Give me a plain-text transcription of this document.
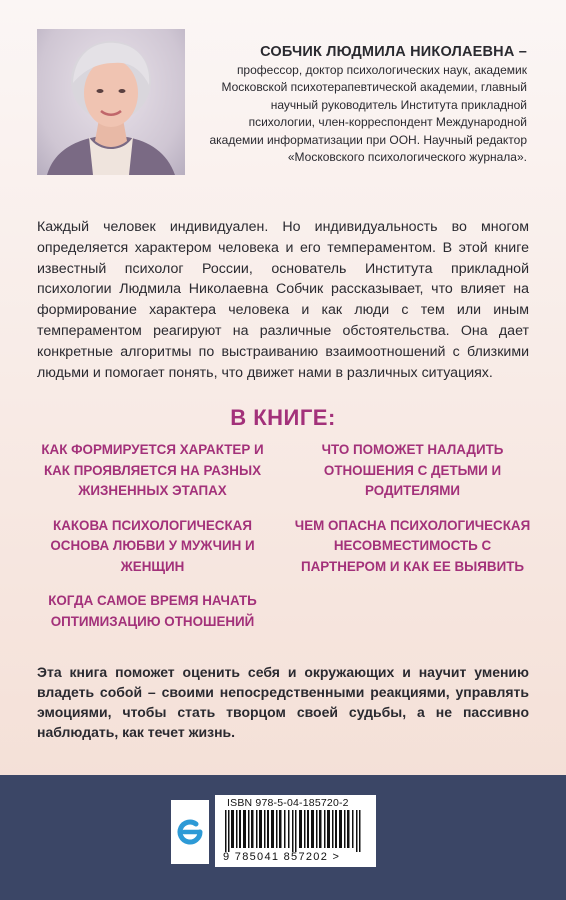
СОБЧИК ЛЮДМИЛА НИКОЛАЕВНА –
профессор, доктор психологических наук, академик Московской психотерапевтической академии, главный научный руководитель Института прикладной психологии, член-корреспондент Международной академии информатизации при ООН. Научный редактор «Московского психологического журнала».
Каждый человек индивидуален. Но индивидуальность во многом определяется характером человека и его темпераментом. В этой книге известный психолог России, основатель Института прикладной психологии Людмила Николаевна Собчик рассказывает, что влияет на формирование характера человека и как люди с тем или иным темпераментом реагируют на различные обстоятельства. Она дает конкретные алгоритмы по выстраиванию взаимоотношений с близкими людьми и помогает понять, что движет нами в различных ситуациях.
В КНИГЕ:
КАК ФОРМИРУЕТСЯ ХАРАКТЕР И КАК ПРОЯВЛЯЕТСЯ НА РАЗНЫХ ЖИЗНЕННЫХ ЭТАПАХ
КАКОВА ПСИХОЛОГИЧЕСКАЯ ОСНОВА ЛЮБВИ У МУЖЧИН И ЖЕНЩИН
КОГДА САМОЕ ВРЕМЯ НАЧАТЬ ОПТИМИЗАЦИЮ ОТНОШЕНИЙ
ЧТО ПОМОЖЕТ НАЛАДИТЬ ОТНОШЕНИЯ С ДЕТЬМИ И РОДИТЕЛЯМИ
ЧЕМ ОПАСНА ПСИХОЛОГИЧЕСКАЯ НЕСОВМЕСТИМОСТЬ С ПАРТНЕРОМ И КАК ЕЕ ВЫЯВИТЬ
Эта книга поможет оценить себя и окружающих и научит умению владеть собой – своими непосредственными реакциями, управлять эмоциями, чтобы стать творцом своей судьбы, а не пассивно наблюдать, как течет жизнь.
ISBN 978-5-04-185720-2
9 785041 857202 >
